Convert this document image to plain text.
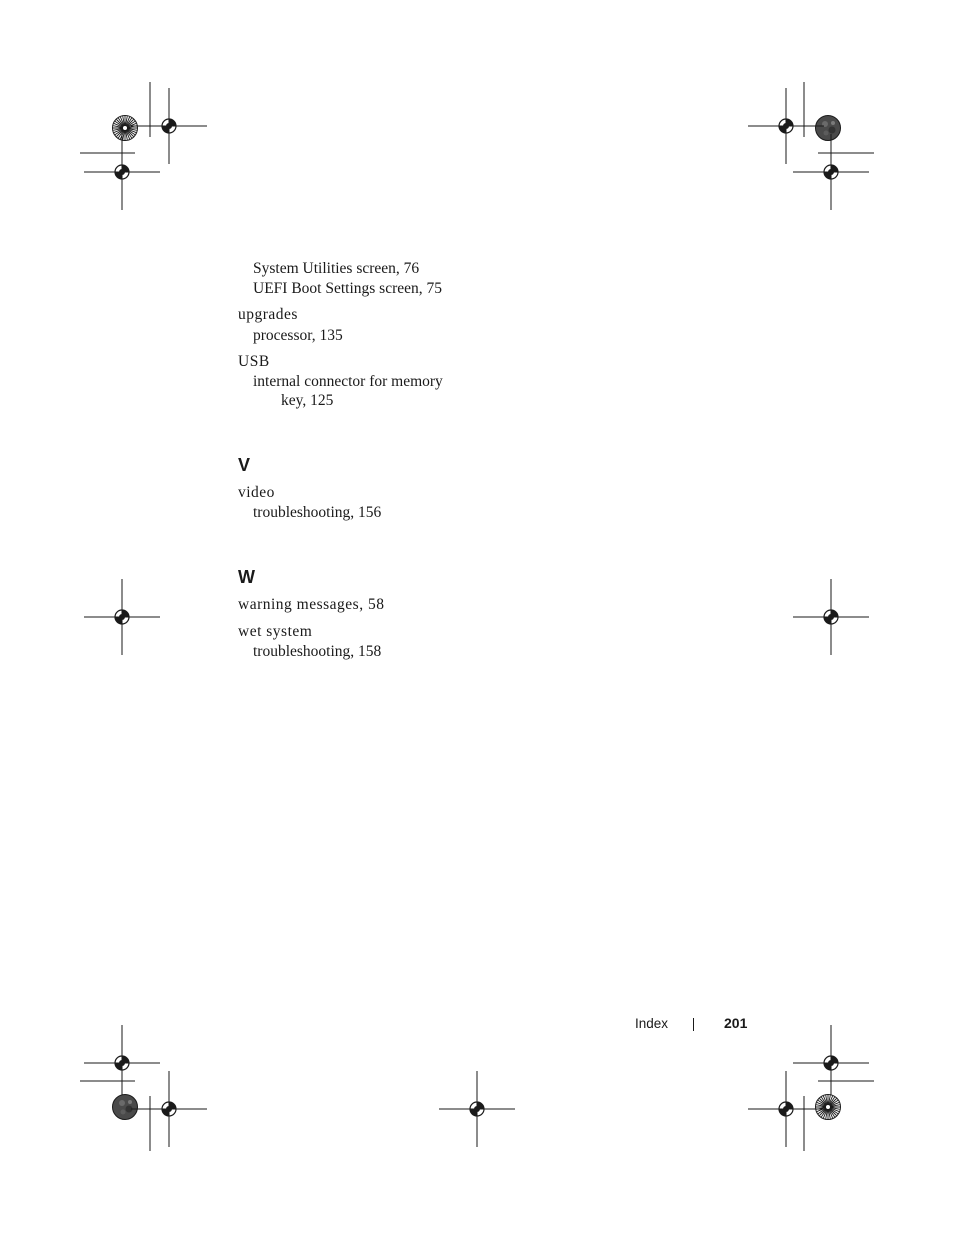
System Utilities screen, 76
UEFI Boot Settings screen, 75
upgrades
processor, 135
USB
internal connector for memory
key, 125
V
video
troubleshooting, 156
W
warning messages, 58
wet system
troubleshooting, 158
Index	201
